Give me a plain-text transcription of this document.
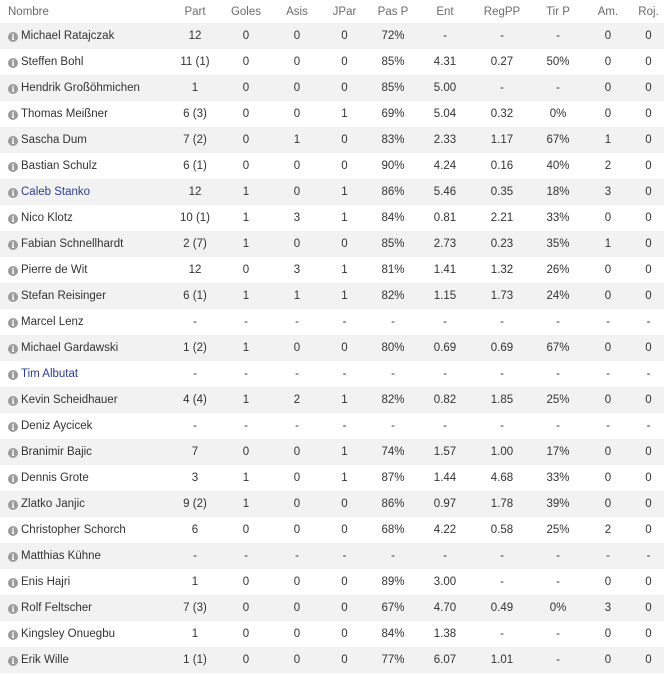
Nombre	Part	Goles	Asis	JPar	Pas P	Ent	RegPP	Tir P	Am.	Roj.
i Michael Ratajczak	12	0	0	0	72%	-	-	-	0	0
i Steffen Bohl	11 (1)	0	0	0	85%	4.31	0.27	50%	0	0
i Hendrik Großöhmichen	1	0	0	0	85%	5.00	-	-	0	0
i Thomas Meißner	6 (3)	0	0	1	69%	5.04	0.32	0%	0	0
i Sascha Dum	7 (2)	0	1	0	83%	2.33	1.17	67%	1	0
i Bastian Schulz	6 (1)	0	0	0	90%	4.24	0.16	40%	2	0
i Caleb Stanko	12	1	0	1	86%	5.46	0.35	18%	3	0
i Nico Klotz	10 (1)	1	3	1	84%	0.81	2.21	33%	0	0
i Fabian Schnellhardt	2 (7)	1	0	0	85%	2.73	0.23	35%	1	0
i Pierre de Wit	12	0	3	1	81%	1.41	1.32	26%	0	0
i Stefan Reisinger	6 (1)	1	1	1	82%	1.15	1.73	24%	0	0
i Marcel Lenz	-	-	-	-	-	-	-	-	-	-
i Michael Gardawski	1 (2)	1	0	0	80%	0.69	0.69	67%	0	0
i Tim Albutat	-	-	-	-	-	-	-	-	-	-
i Kevin Scheidhauer	4 (4)	1	2	1	82%	0.82	1.85	25%	0	0
i Deniz Aycicek	-	-	-	-	-	-	-	-	-	-
i Branimir Bajic	7	0	0	1	74%	1.57	1.00	17%	0	0
i Dennis Grote	3	1	0	1	87%	1.44	4.68	33%	0	0
i Zlatko Janjic	9 (2)	1	0	0	86%	0.97	1.78	39%	0	0
i Christopher Schorch	6	0	0	0	68%	4.22	0.58	25%	2	0
i Matthias Kühne	-	-	-	-	-	-	-	-	-	-
i Enis Hajri	1	0	0	0	89%	3.00	-	-	0	0
i Rolf Feltscher	7 (3)	0	0	0	67%	4.70	0.49	0%	3	0
i Kingsley Onuegbu	1	0	0	0	84%	1.38	-	-	0	0
i Erik Wille	1 (1)	0	0	0	77%	6.07	1.01	-	0	0
